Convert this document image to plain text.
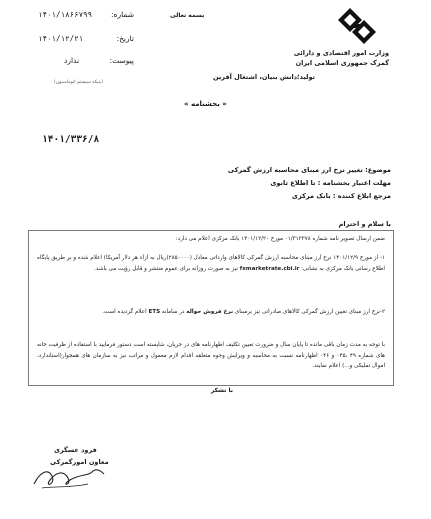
وزارت امور اقتصادی و دارائی
گمرک جمهوری اسلامی ایران
بسمه تعالی
شماره:
۱۴۰۱/۱۸۶۶۷۹۹
تاریخ:
۱۴۰۱/۱۲/۲۱
پیوست:
ندارد
(بتیکه سیستم اتوماسیون)
تولید؛دانش بنیان، اشتغال آفرین
« بخشنامه »
۱۴۰۱/۳۳۶/۸
موضوع: تغییر نرخ ارز مبنای محاسبه ارزش گمرکی
مهلت اعتبار بخشنامه : تا اطلاع ثانوی
مرجع ابلاغ کننده : بانک مرکزی
با سلام و احترام
ضمن ارسال تصویر نامه شماره ۰۱/۳۱۳۳۷۸ مورخ ۱۴۰۱/۱۲/۲۰ بانک مرکزی اعلام می دارد:
۱- از مورخ ۱۴۰۱/۱۲/۹ نرخ ارز مبنای محاسبه ارزش گمرکی کالاهای وارداتی معادل (۲۸۵۰۰۰۰)ریال به ازاء هر دلار آمریکا) اعلام شده و بر طریق پایگاه اطلاع رسانی بانک مرکزی به نشانی: fxmarketrate.cbi.ir نیز به صورت روزانه برای عموم منتشر و قابل رؤیت می باشد.
۲-نرخ ارز مبنای تعیین ارزش گمرکی کالاهای صادراتی نیز برمبنای نرخ فروش حواله در سامانه ETS اعلام گردیده است.
با توجه به مدت زمان باقی مانده تا پایان سال و ضرورت تعیین تکلیف اظهارنامه های در جریان، شایسته است دستور فرمایید با استفاده از ظرفیت خانه های شماره ۴۹ ،۰۴۵ و ۰۴۶ اظهارنامه نسبت به محاسبه و ویرایش وجوه متعلقه اقدام لازم معمول و مراتب نیز به سازمان های همجوار(استاندارد، اموال تملیکی و...) اعلام نمایند.
با تشکر
فرود عسگری
معاون امورگمرکی
